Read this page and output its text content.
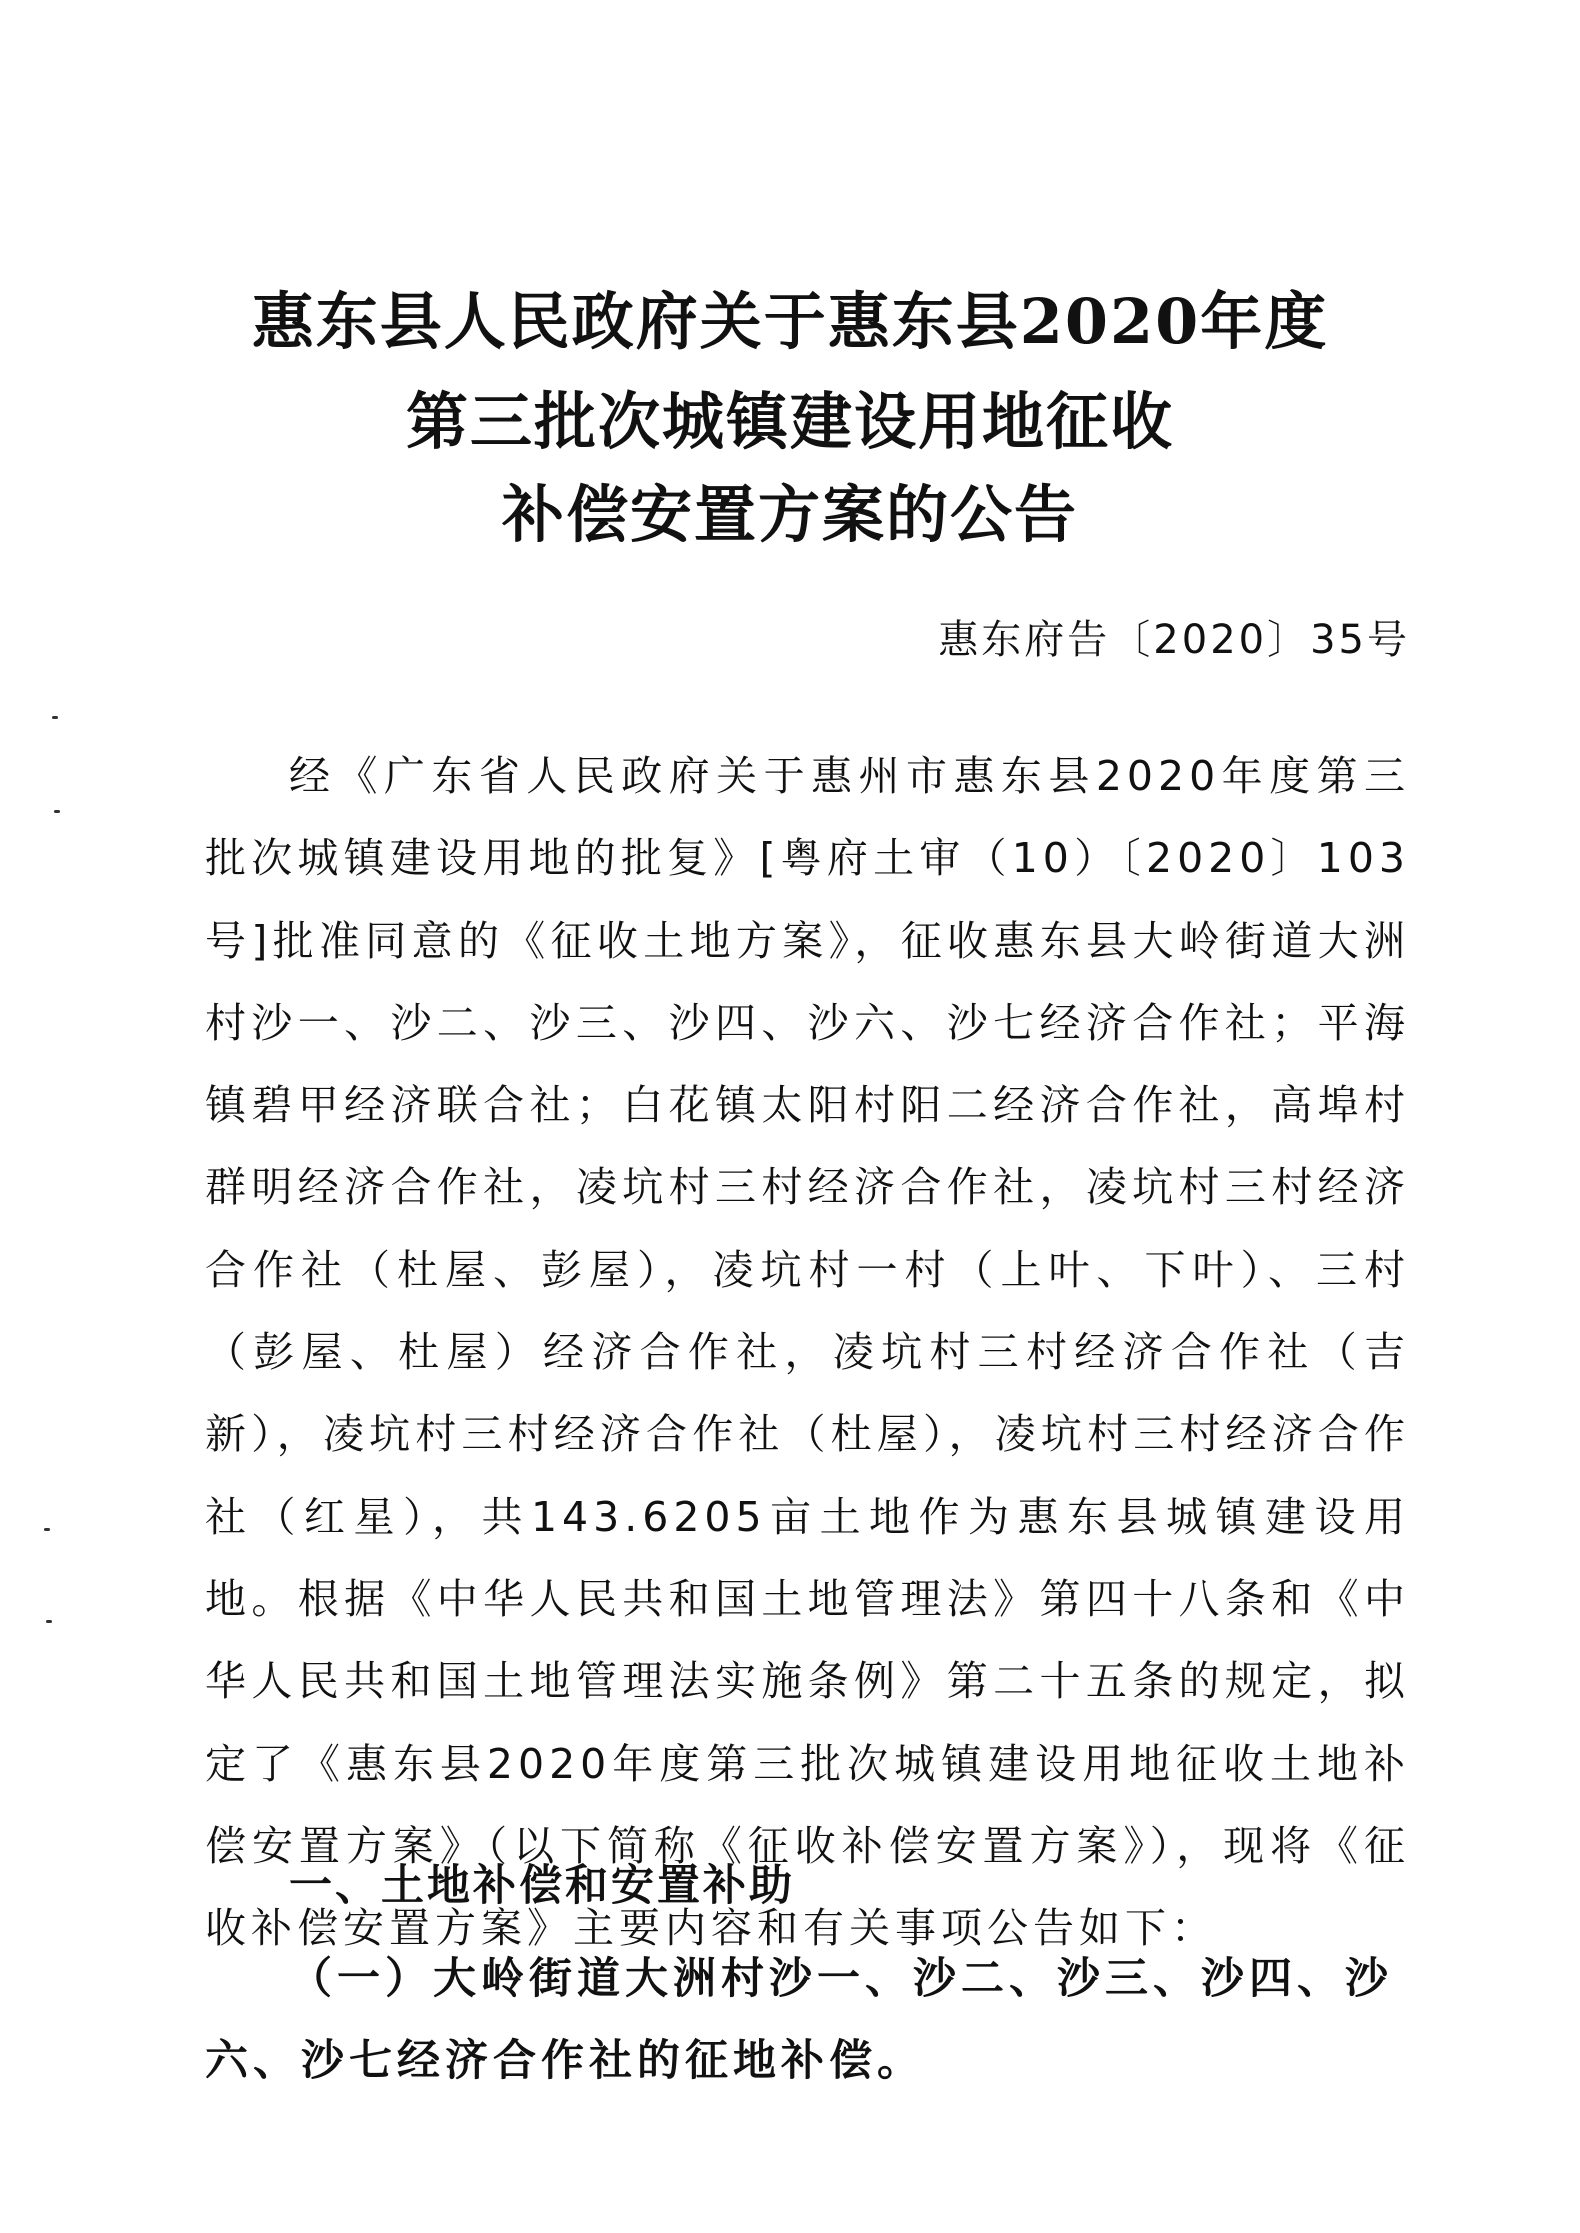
惠东县人民政府关于惠东县2020年度
第三批次城镇建设用地征收
补偿安置方案的公告
惠东府告〔2020〕35号

经《广东省人民政府关于惠州市惠东县2020年度第三批次城镇建设用地的批复》[粤府土审（10）〔2020〕103号]批准同意的《征收土地方案》，征收惠东县大岭街道大洲村沙一、沙二、沙三、沙四、沙六、沙七经济合作社；平海镇碧甲经济联合社；白花镇太阳村阳二经济合作社，高埠村群明经济合作社，凌坑村三村经济合作社，凌坑村三村经济合作社（杜屋、彭屋），凌坑村一村（上叶、下叶）、三村（彭屋、杜屋）经济合作社，凌坑村三村经济合作社（吉新），凌坑村三村经济合作社（杜屋），凌坑村三村经济合作社（红星），共143.6205亩土地作为惠东县城镇建设用地。根据《中华人民共和国土地管理法》第四十八条和《中华人民共和国土地管理法实施条例》第二十五条的规定，拟定了《惠东县2020年度第三批次城镇建设用地征收土地补偿安置方案》（以下简称《征收补偿安置方案》），现将《征收补偿安置方案》主要内容和有关事项公告如下：

一、土地补偿和安置补助

（一）大岭街道大洲村沙一、沙二、沙三、沙四、沙六、沙七经济合作社的征地补偿。
